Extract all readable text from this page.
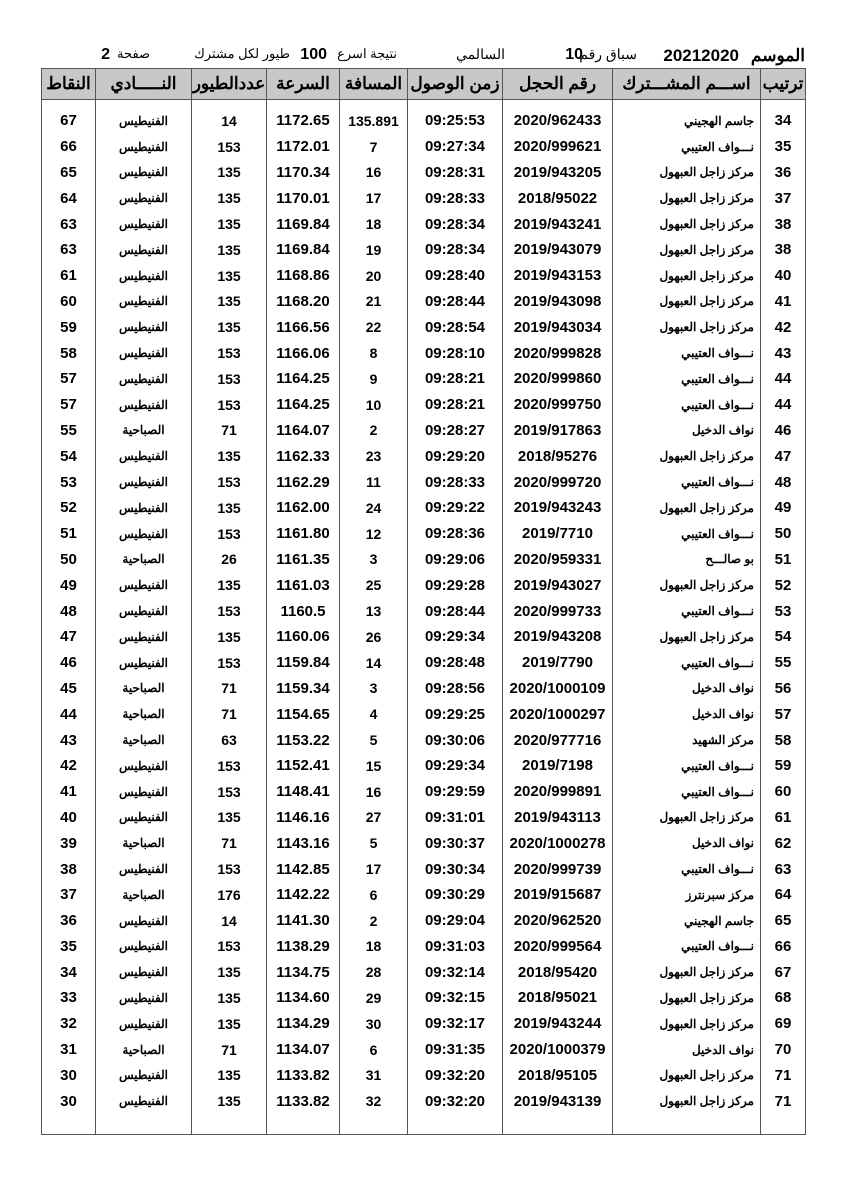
الموسم
20212020
سباق رقم
10
السالمي
نتيجة اسرع
100
طيور لكل مشترك
صفحة
2
ترتيب	اســـم المشـــترك	رقم الحجل	زمن الوصول	المسافة	السرعة	عددالطيور	النـــــادي	النقاط
34	جاسم الهجيني	2020/962433	09:25:53	135.891	1172.65	14	الفنيطيس	67
35	نـــواف العتيبي	2020/999621	09:27:34	7	1172.01	153	الفنيطيس	66
36	مركز زاجل العبهول	2019/943205	09:28:31	16	1170.34	135	الفنيطيس	65
37	مركز زاجل العبهول	2018/95022	09:28:33	17	1170.01	135	الفنيطيس	64
38	مركز زاجل العبهول	2019/943241	09:28:34	18	1169.84	135	الفنيطيس	63
38	مركز زاجل العبهول	2019/943079	09:28:34	19	1169.84	135	الفنيطيس	63
40	مركز زاجل العبهول	2019/943153	09:28:40	20	1168.86	135	الفنيطيس	61
41	مركز زاجل العبهول	2019/943098	09:28:44	21	1168.20	135	الفنيطيس	60
42	مركز زاجل العبهول	2019/943034	09:28:54	22	1166.56	135	الفنيطيس	59
43	نـــواف العتيبي	2020/999828	09:28:10	8	1166.06	153	الفنيطيس	58
44	نـــواف العتيبي	2020/999860	09:28:21	9	1164.25	153	الفنيطيس	57
44	نـــواف العتيبي	2020/999750	09:28:21	10	1164.25	153	الفنيطيس	57
46	نواف الدخيل	2019/917863	09:28:27	2	1164.07	71	الصباحية	55
47	مركز زاجل العبهول	2018/95276	09:29:20	23	1162.33	135	الفنيطيس	54
48	نـــواف العتيبي	2020/999720	09:28:33	11	1162.29	153	الفنيطيس	53
49	مركز زاجل العبهول	2019/943243	09:29:22	24	1162.00	135	الفنيطيس	52
50	نـــواف العتيبي	2019/7710	09:28:36	12	1161.80	153	الفنيطيس	51
51	بو صالـــح	2020/959331	09:29:06	3	1161.35	26	الصباحية	50
52	مركز زاجل العبهول	2019/943027	09:29:28	25	1161.03	135	الفنيطيس	49
53	نـــواف العتيبي	2020/999733	09:28:44	13	1160.5	153	الفنيطيس	48
54	مركز زاجل العبهول	2019/943208	09:29:34	26	1160.06	135	الفنيطيس	47
55	نـــواف العتيبي	2019/7790	09:28:48	14	1159.84	153	الفنيطيس	46
56	نواف الدخيل	2020/1000109	09:28:56	3	1159.34	71	الصباحية	45
57	نواف الدخيل	2020/1000297	09:29:25	4	1154.65	71	الصباحية	44
58	مركز الشهيد	2020/977716	09:30:06	5	1153.22	63	الصباحية	43
59	نـــواف العتيبي	2019/7198	09:29:34	15	1152.41	153	الفنيطيس	42
60	نـــواف العتيبي	2020/999891	09:29:59	16	1148.41	153	الفنيطيس	41
61	مركز زاجل العبهول	2019/943113	09:31:01	27	1146.16	135	الفنيطيس	40
62	نواف الدخيل	2020/1000278	09:30:37	5	1143.16	71	الصباحية	39
63	نـــواف العتيبي	2020/999739	09:30:34	17	1142.85	153	الفنيطيس	38
64	مركز سبرنترز	2019/915687	09:30:29	6	1142.22	176	الصباحية	37
65	جاسم الهجيني	2020/962520	09:29:04	2	1141.30	14	الفنيطيس	36
66	نـــواف العتيبي	2020/999564	09:31:03	18	1138.29	153	الفنيطيس	35
67	مركز زاجل العبهول	2018/95420	09:32:14	28	1134.75	135	الفنيطيس	34
68	مركز زاجل العبهول	2018/95021	09:32:15	29	1134.60	135	الفنيطيس	33
69	مركز زاجل العبهول	2019/943244	09:32:17	30	1134.29	135	الفنيطيس	32
70	نواف الدخيل	2020/1000379	09:31:35	6	1134.07	71	الصباحية	31
71	مركز زاجل العبهول	2018/95105	09:32:20	31	1133.82	135	الفنيطيس	30
71	مركز زاجل العبهول	2019/943139	09:32:20	32	1133.82	135	الفنيطيس	30
